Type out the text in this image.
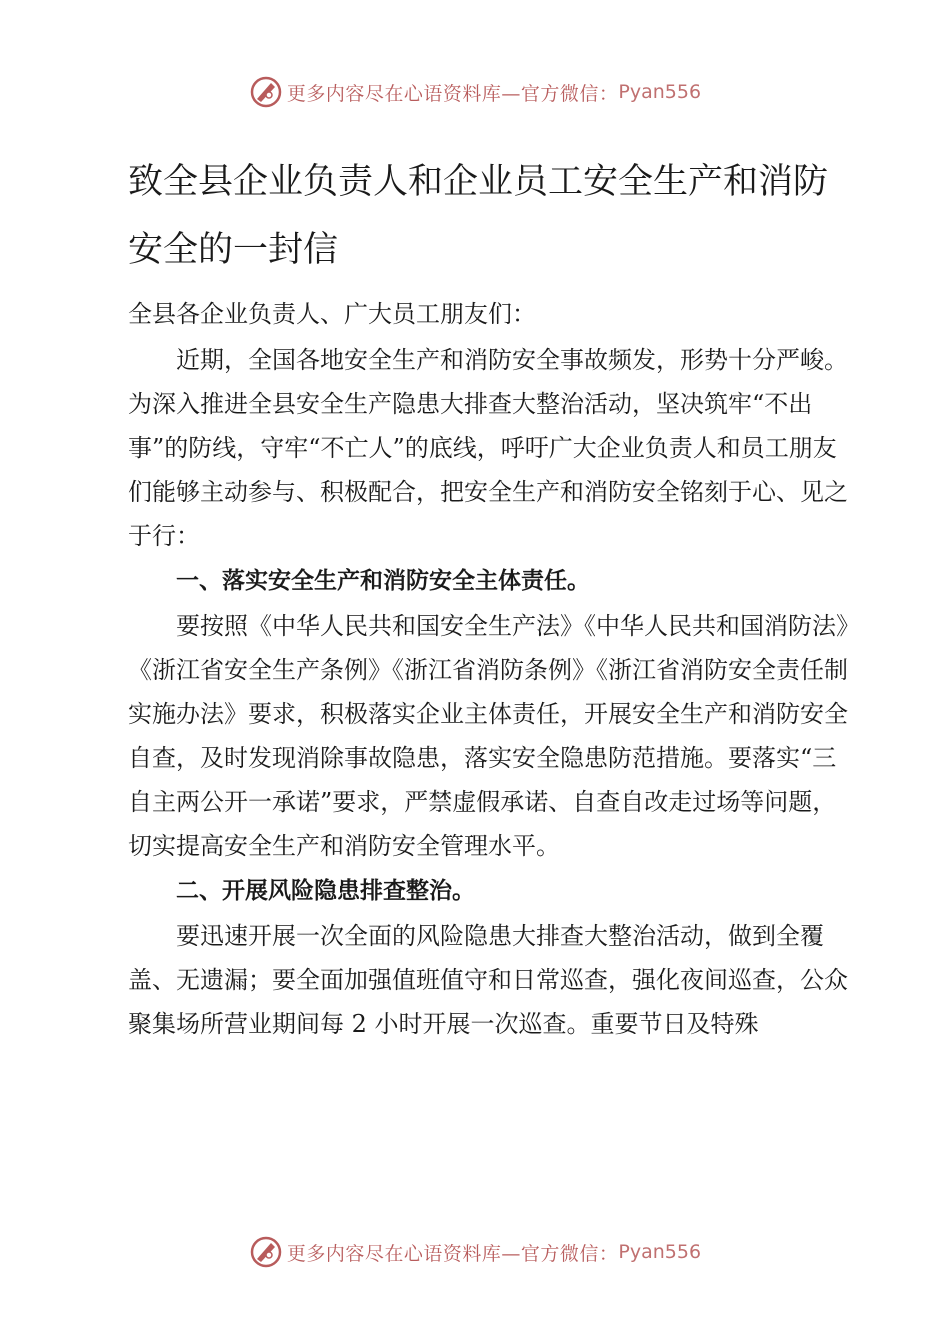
更多内容尽在心语资料库—官方微信： Pyan556
致全县企业负责人和企业员工安全生产和消防安全的一封信

全县各企业负责人、广大员工朋友们：

近期，全国各地安全生产和消防安全事故频发，形势十分严峻。为深入推进全县安全生产隐患大排查大整治活动，坚决筑牢“不出事”的防线，守牢“不亡人”的底线，呼吁广大企业负责人和员工朋友们能够主动参与、积极配合，把安全生产和消防安全铭刻于心、见之于行：

一、落实安全生产和消防安全主体责任。

要按照《中华人民共和国安全生产法》《中华人民共和国消防法》《浙江省安全生产条例》《浙江省消防条例》《浙江省消防安全责任制实施办法》要求，积极落实企业主体责任，开展安全生产和消防安全自查，及时发现消除事故隐患，落实安全隐患防范措施。要落实“三自主两公开一承诺”要求，严禁虚假承诺、自查自改走过场等问题，切实提高安全生产和消防安全管理水平。

二、开展风险隐患排查整治。

要迅速开展一次全面的风险隐患大排查大整治活动，做到全覆盖、无遗漏；要全面加强值班值守和日常巡查，强化夜间巡查，公众聚集场所营业期间每 2 小时开展一次巡查。重要节日及特殊

更多内容尽在心语资料库—官方微信： Pyan556
